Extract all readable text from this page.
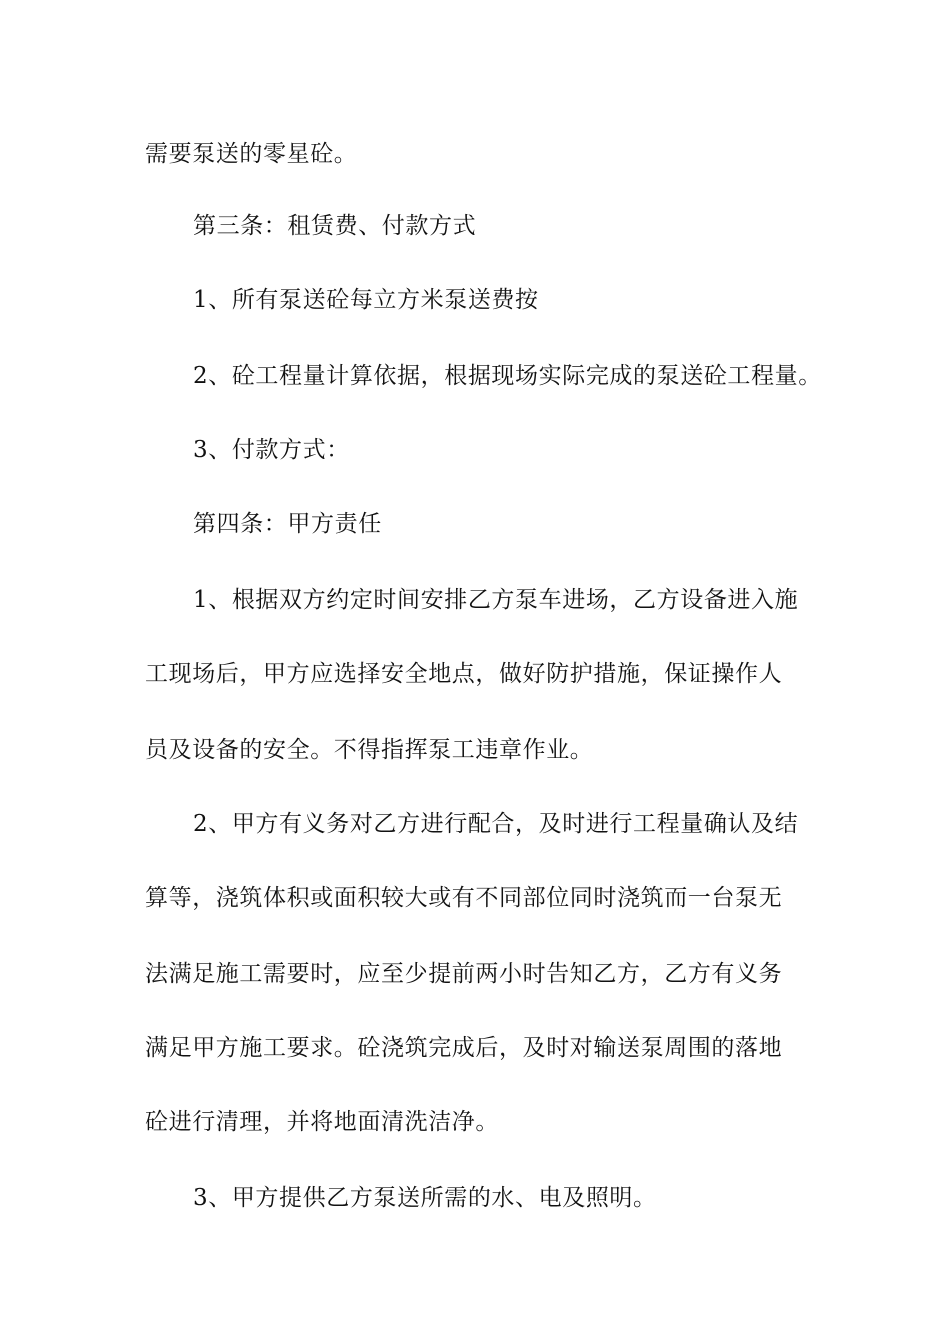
需要泵送的零星砼。

第三条：租赁费、付款方式

1、所有泵送砼每立方米泵送费按

2、砼工程量计算依据，根据现场实际完成的泵送砼工程量。

3、付款方式：

第四条：甲方责任

1、根据双方约定时间安排乙方泵车进场，乙方设备进入施

工现场后，甲方应选择安全地点，做好防护措施，保证操作人

员及设备的安全。不得指挥泵工违章作业。

2、甲方有义务对乙方进行配合，及时进行工程量确认及结

算等，浇筑体积或面积较大或有不同部位同时浇筑而一台泵无

法满足施工需要时，应至少提前两小时告知乙方，乙方有义务

满足甲方施工要求。砼浇筑完成后，及时对输送泵周围的落地

砼进行清理，并将地面清洗洁净。

3、甲方提供乙方泵送所需的水、电及照明。
